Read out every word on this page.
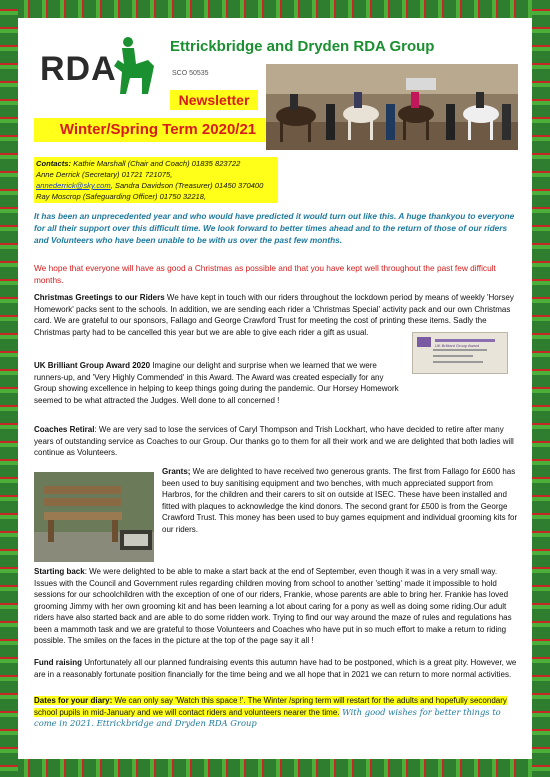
RDA
Ettrickbridge and Dryden RDA Group
SCO 50535
Newsletter
Winter/Spring Term 2020/21
Contacts: Kathie Marshall (Chair and Coach) 01835 823722
Anne Derrick (Secretary) 01721 721075,
annederrick@sky.com, Sandra Davidson (Treasurer) 01450 370400
Ray Moscrop (Safeguarding Officer) 01750 32218,
It has been an unprecedented year and who would have predicted it would turn out like this. A huge thankyou to everyone for all their support over this difficult time. We look forward to better times ahead and to the return of those of our riders and Volunteers who have been unable to be with us over the past few months.
We hope that everyone will have as good a Christmas as possible and that you have kept well throughout the past few difficult months.
Christmas Greetings to our Riders We have kept in touch with our riders throughout the lockdown period by means of weekly 'Horsey Homework' packs sent to the schools. In addition, we are sending each rider a 'Christmas Special' activity pack and our own Christmas card. We are grateful to our sponsors, Fallago and George Crawford Trust for meeting the cost of printing these items. Sadly the Christmas party had to be cancelled this year but we are able to give each rider a gift as usual.
UK Brilliant Group Award 2020 Imagine our delight and surprise when we learned that we were runners-up, and 'Very Highly Commended' in this Award. The Award was created especially for any Group showing excellence in helping to keep things going during the pandemic. Our Horsey Homework seemed to be what attracted the Judges. Well done to all concerned !
UK Brilliant Group Award
Coaches Retiral: We are very sad to lose the services of Caryl Thompson and Trish Lockhart, who have decided to retire after many years of outstanding service as Coaches to our Group. Our thanks go to them for all their work and we are delighted that both ladies will continue as Volunteers.
Grants; We are delighted to have received two generous grants. The first from Fallago for £600 has been used to buy sanitising equipment and two benches, with much appreciated support from Harbros, for the children and their carers to sit on outside at ISEC. These have been installed and fitted with plaques to acknowledge the kind donors. The second grant for £500 is from the George Crawford Trust. This money has been used to buy games equipment and individual grooming kits for our riders.
Starting back: We were delighted to be able to make a start back at the end of September, even though it was in a very small way. Issues with the Council and Government rules regarding children moving from school to another 'setting' made it impossible to hold sessions for our schoolchildren with the exception of one of our riders, Frankie, whose parents are able to bring her. Frankie has loved grooming Jimmy with her own grooming kit and has been learning a lot about caring for a pony as well as doing some riding.Our adult riders have also started back and are able to do some ridden work. Trying to find our way around the maze of rules and regulations has been a mammoth task and we are grateful to those Volunteers and Coaches who have put in so much effort to make a return to riding possible. The smiles on the faces in the picture at the top of the page say it all !
Fund raising Unfortunately all our planned fundraising events this autumn have had to be postponed, which is a great pity. However, we are in a reasonably fortunate position financially for the time being and we all hope that in 2021 we can return to more normal activities.
Dates for your diary: We can only say 'Watch this space !'. The Winter /spring term will restart for the adults and hopefully secondary school pupils in mid-January and we will contact riders and volunteers nearer the time. With good wishes for better things to come in 2021. Ettrickbridge and Dryden RDA Group
